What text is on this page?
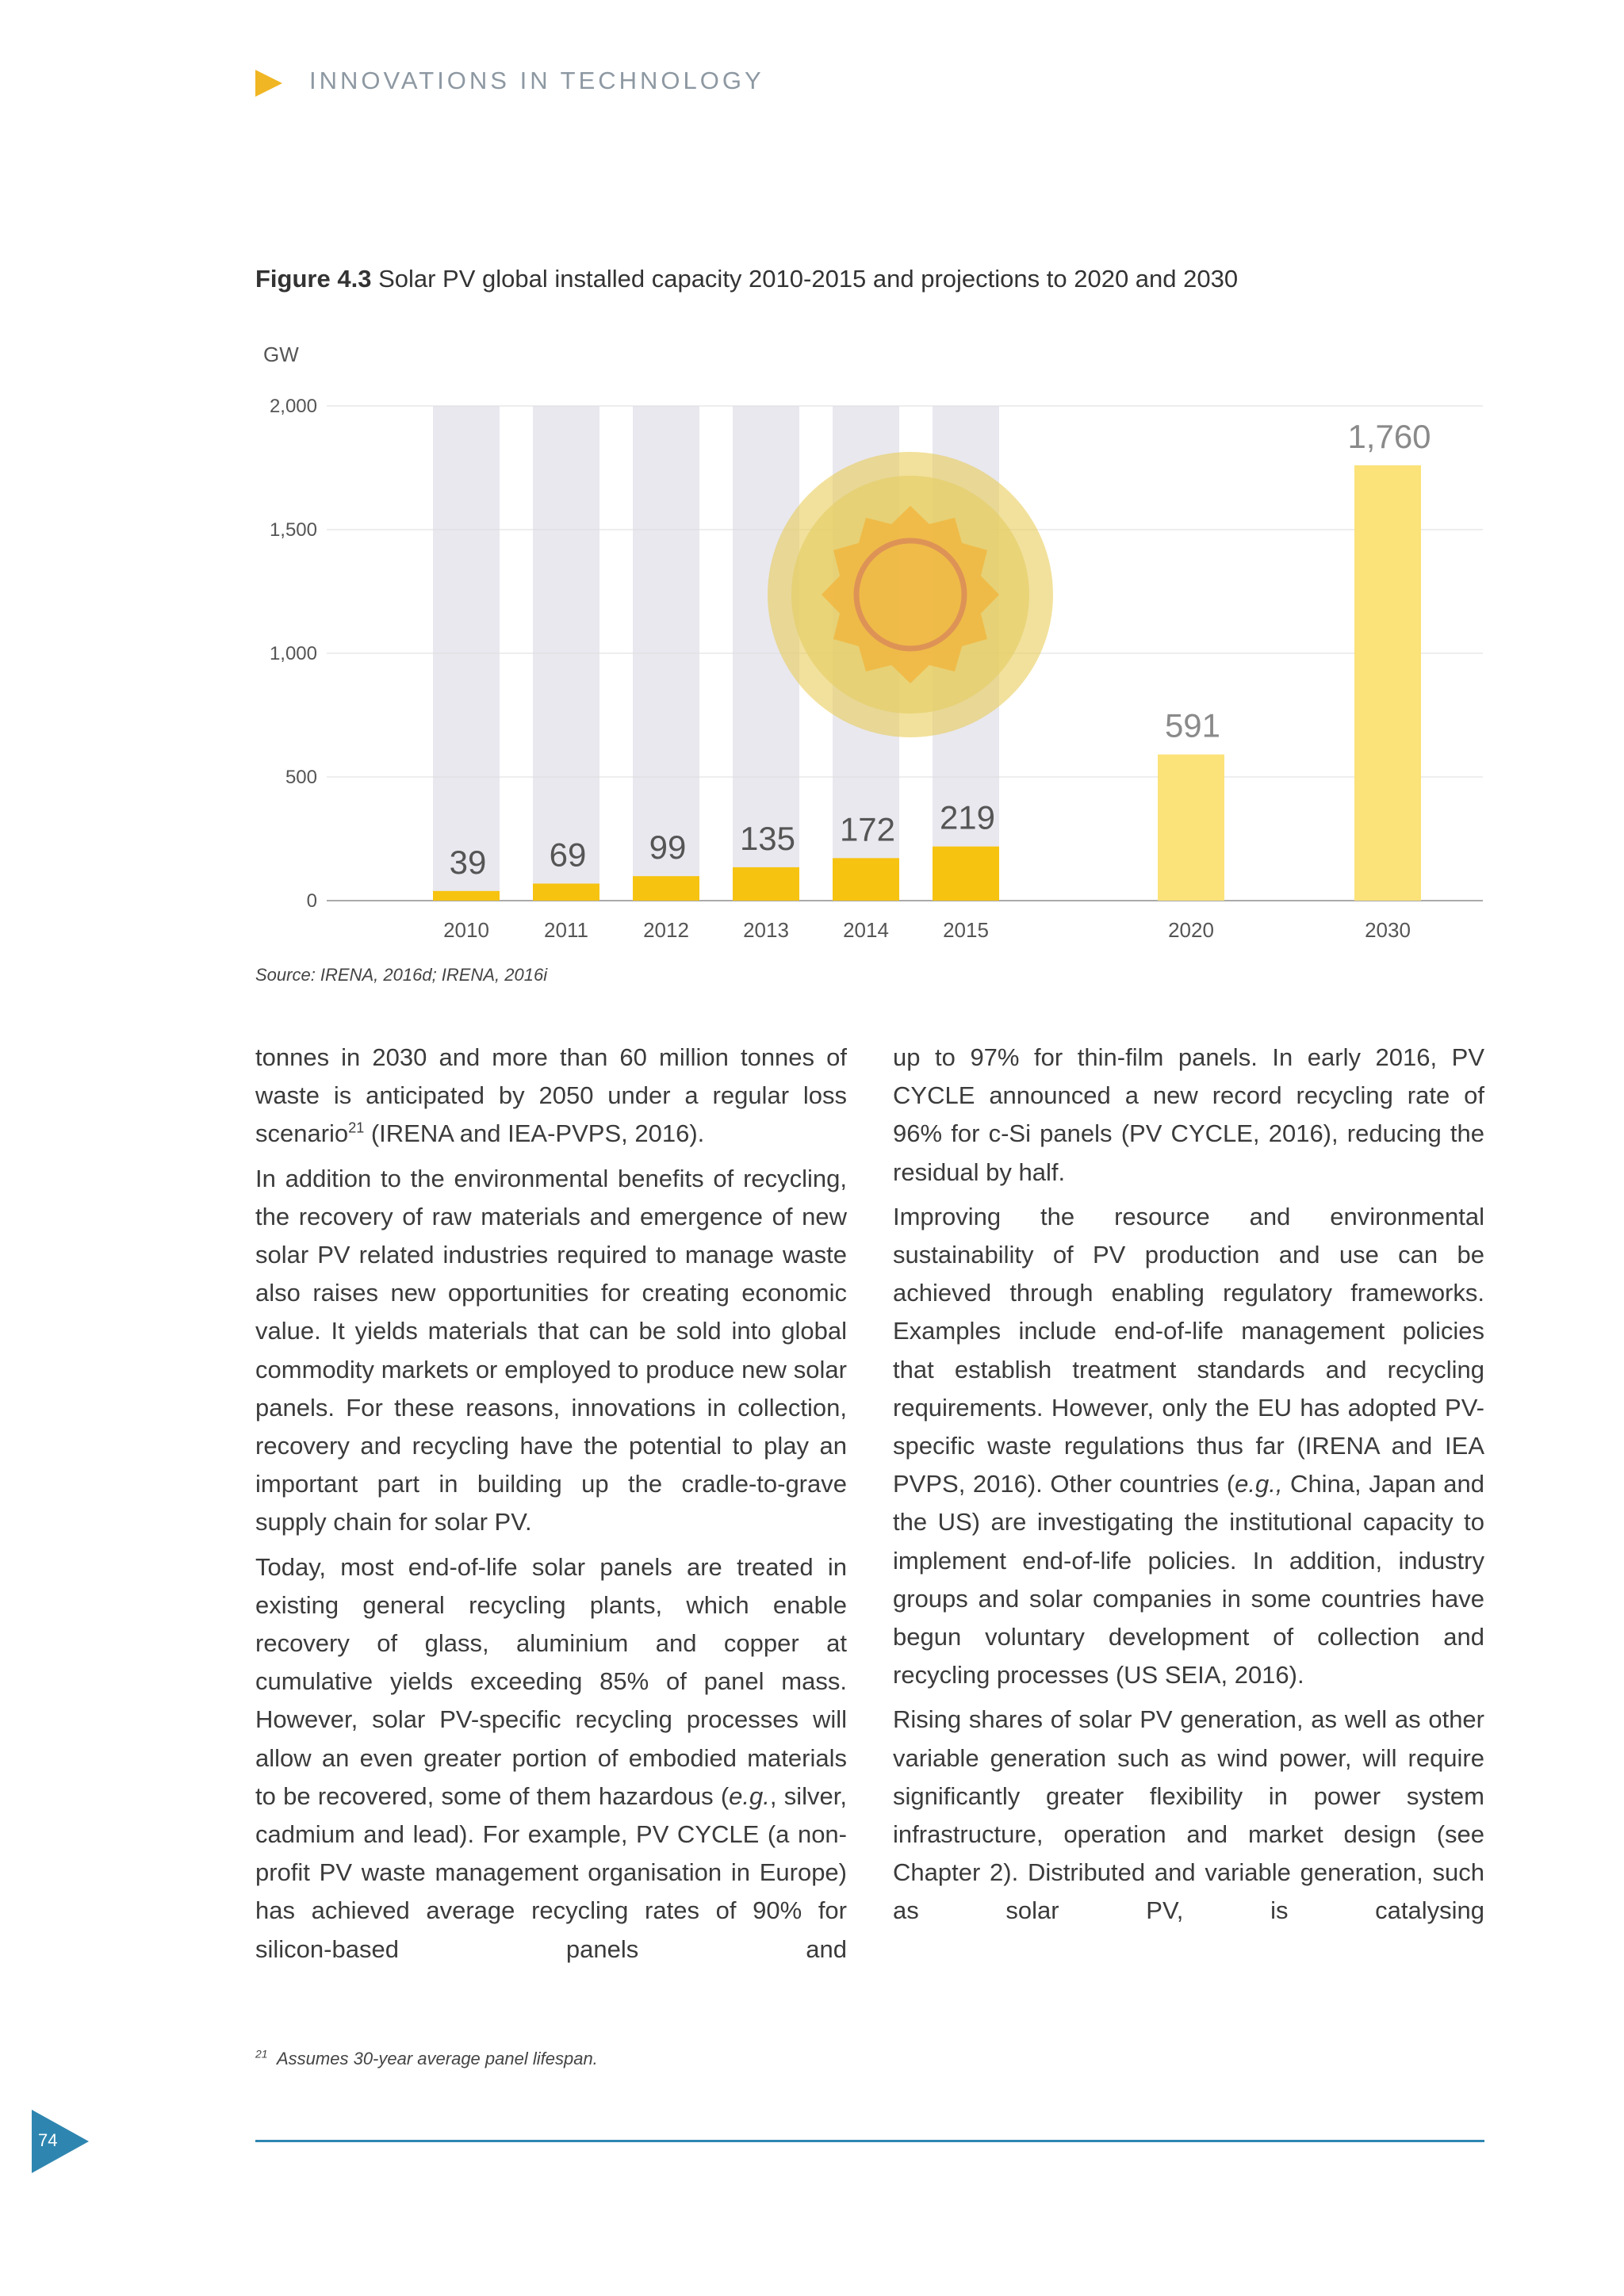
INNOVATIONS IN TECHNOLOGY
Figure 4.3 Solar PV global installed capacity 2010-2015 and projections to 2020 and 2030
GW
0
500
1,000
1,500
2,000
39
2010
69
2011
99
2012
135
2013
172
2014
219
2015
591
2020
1,760
2030
Source: IRENA, 2016d; IRENA, 2016i

tonnes in 2030 and more than 60 million tonnes of waste is anticipated by 2050 under a regular loss scenario$^{21}$ (IRENA and IEA-PVPS, 2016).

In addition to the environmental benefits of recycling, the recovery of raw materials and emergence of new solar PV related industries required to manage waste also raises new opportunities for creating economic value. It yields materials that can be sold into global commodity markets or employed to produce new solar panels. For these reasons, innovations in collection, recovery and recycling have the potential to play an important part in building up the cradle-to-grave supply chain for solar PV.

Today, most end-of-life solar panels are treated in existing general recycling plants, which enable recovery of glass, aluminium and copper at cumulative yields exceeding 85% of panel mass. However, solar PV-specific recycling processes will allow an even greater portion of embodied materials to be recovered, some of them hazardous (e.g., silver, cadmium and lead). For example, PV CYCLE (a non-profit PV waste management organisation in Europe) has achieved average recycling rates of 90% for silicon-based panels and

up to 97% for thin-film panels. In early 2016, PV CYCLE announced a new record recycling rate of 96% for c-Si panels (PV CYCLE, 2016), reducing the residual by half.

Improving the resource and environmental sustainability of PV production and use can be achieved through enabling regulatory frameworks. Examples include end-of-life management policies that establish treatment standards and recycling requirements. However, only the EU has adopted PV-specific waste regulations thus far (IRENA and IEA PVPS, 2016). Other countries (e.g., China, Japan and the US) are investigating the institutional capacity to implement end-of-life policies. In addition, industry groups and solar companies in some countries have begun voluntary development of collection and recycling processes (US SEIA, 2016).

Rising shares of solar PV generation, as well as other variable generation such as wind power, will require significantly greater flexibility in power system infrastructure, operation and market design (see Chapter 2). Distributed and variable generation, such as solar PV, is catalysing

$^{21}$ Assumes 30-year average panel lifespan.
74
